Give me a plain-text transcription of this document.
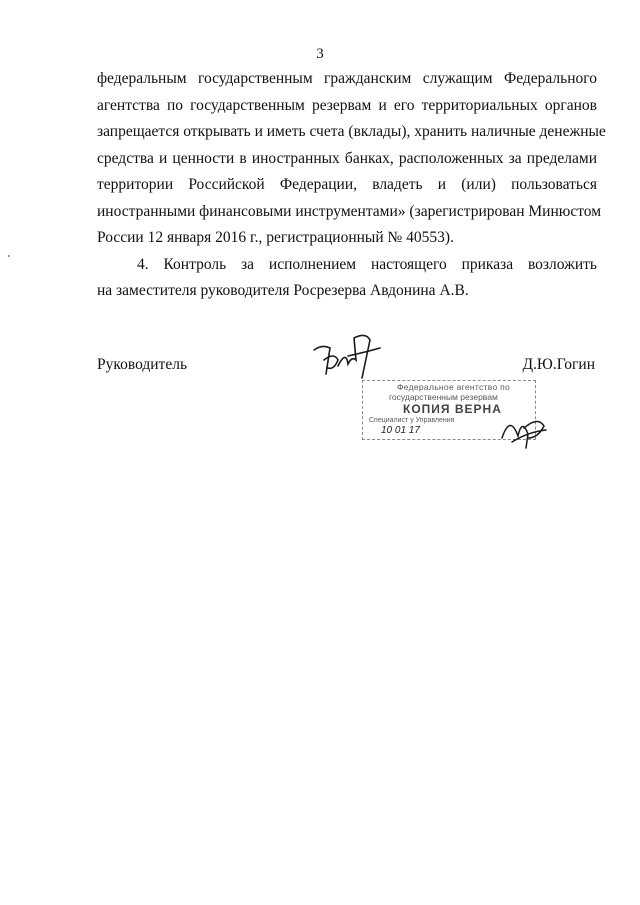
3
федеральным государственным гражданским служащим Федерального
агентства по государственным резервам и его территориальных органов
запрещается открывать и иметь счета (вклады), хранить наличные денежные
средства и ценности в иностранных банках, расположенных за пределами
территории Российской Федерации, владеть и (или) пользоваться
иностранными финансовыми инструментами» (зарегистрирован Минюстом
России 12 января 2016 г., регистрационный № 40553).
4. Контроль за исполнением настоящего приказа возложить
на заместителя руководителя Росрезерва Авдонина А.В.
Руководитель	Д.Ю.Гогин
Федеральное агентство по
государственным резервам
КОПИЯ ВЕРНА
Специалист у Управления
10 01 17
